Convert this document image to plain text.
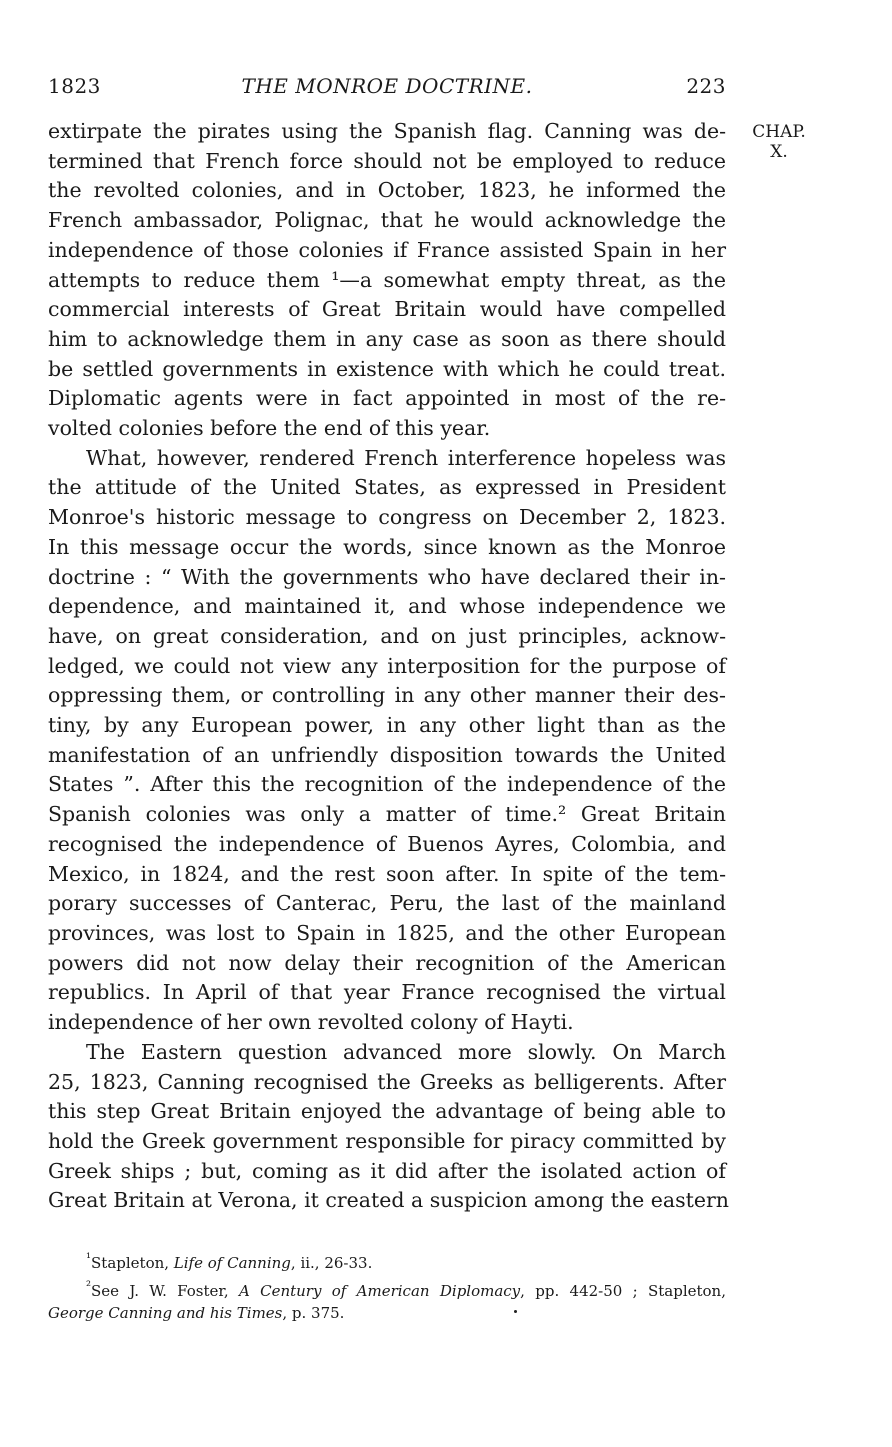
1823	THE MONROE DOCTRINE.	223
CHAP.
X.
extirpate the pirates using the Spanish flag. Canning was de-
termined that French force should not be employed to reduce
the revolted colonies, and in October, 1823, he informed the
French ambassador, Polignac, that he would acknowledge the
independence of those colonies if France assisted Spain in her
attempts to reduce them ¹—a somewhat empty threat, as the
commercial interests of Great Britain would have compelled
him to acknowledge them in any case as soon as there should
be settled governments in existence with which he could treat.
Diplomatic agents were in fact appointed in most of the re-
volted colonies before the end of this year.
What, however, rendered French interference hopeless was
the attitude of the United States, as expressed in President
Monroe's historic message to congress on December 2, 1823.
In this message occur the words, since known as the Monroe
doctrine : “ With the governments who have declared their in-
dependence, and maintained it, and whose independence we
have, on great consideration, and on just principles, acknow-
ledged, we could not view any interposition for the purpose of
oppressing them, or controlling in any other manner their des-
tiny, by any European power, in any other light than as the
manifestation of an unfriendly disposition towards the United
States ”. After this the recognition of the independence of the
Spanish colonies was only a matter of time.² Great Britain
recognised the independence of Buenos Ayres, Colombia, and
Mexico, in 1824, and the rest soon after. In spite of the tem-
porary successes of Canterac, Peru, the last of the mainland
provinces, was lost to Spain in 1825, and the other European
powers did not now delay their recognition of the American
republics. In April of that year France recognised the virtual
independence of her own revolted colony of Hayti.
The Eastern question advanced more slowly. On March
25, 1823, Canning recognised the Greeks as belligerents. After
this step Great Britain enjoyed the advantage of being able to
hold the Greek government responsible for piracy committed by
Greek ships ; but, coming as it did after the isolated action of
Great Britain at Verona, it created a suspicion among the eastern
$^{^1}$Stapleton, Life of Canning, ii., 26-33.
$^{^2}$See J. W. Foster, A Century of American Diplomacy, pp. 442-50 ; Stapleton,
George Canning and his Times, p. 375.
